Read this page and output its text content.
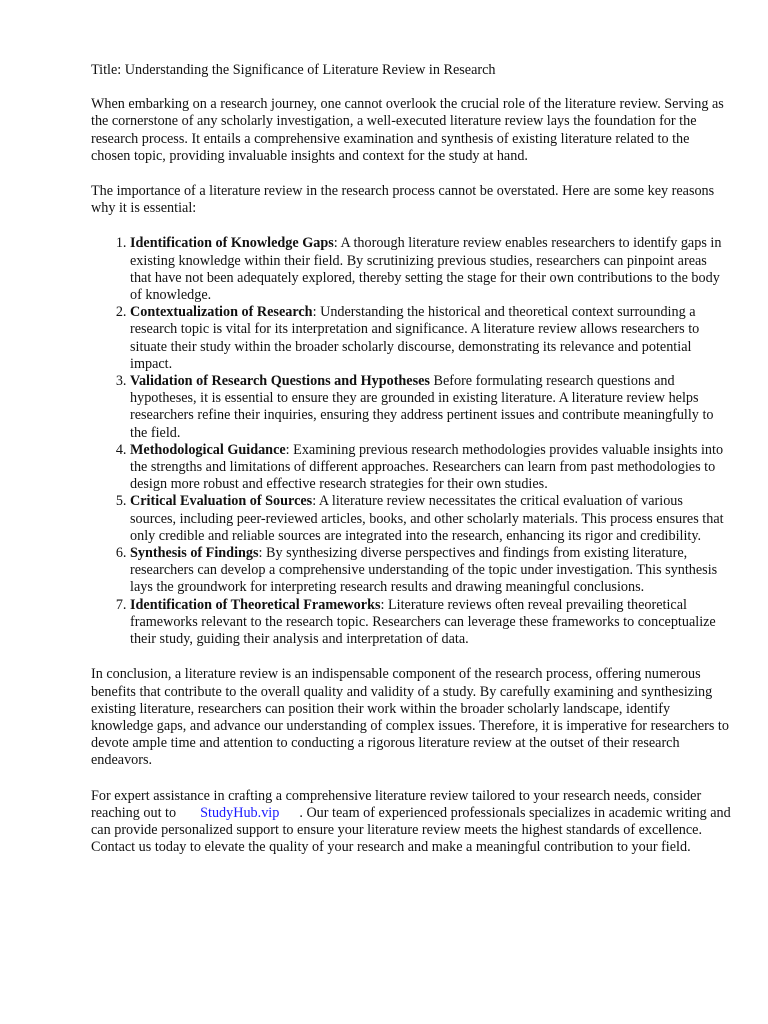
Title: Understanding the Significance of Literature Review in Research

When embarking on a research journey, one cannot overlook the crucial role of the literature review. Serving as the cornerstone of any scholarly investigation, a well-executed literature review lays the foundation for the research process. It entails a comprehensive examination and synthesis of existing literature related to the chosen topic, providing invaluable insights and context for the study at hand.

The importance of a literature review in the research process cannot be overstated. Here are some key reasons why it is essential:

1. Identification of Knowledge Gaps: A thorough literature review enables researchers to identify gaps in existing knowledge within their field. By scrutinizing previous studies, researchers can pinpoint areas that have not been adequately explored, thereby setting the stage for their own contributions to the body of knowledge.
2. Contextualization of Research: Understanding the historical and theoretical context surrounding a research topic is vital for its interpretation and significance. A literature review allows researchers to situate their study within the broader scholarly discourse, demonstrating its relevance and potential impact.
3. Validation of Research Questions and Hypotheses Before formulating research questions and hypotheses, it is essential to ensure they are grounded in existing literature. A literature review helps researchers refine their inquiries, ensuring they address pertinent issues and contribute meaningfully to the field.
4. Methodological Guidance: Examining previous research methodologies provides valuable insights into the strengths and limitations of different approaches. Researchers can learn from past methodologies to design more robust and effective research strategies for their own studies.
5. Critical Evaluation of Sources: A literature review necessitates the critical evaluation of various sources, including peer-reviewed articles, books, and other scholarly materials. This process ensures that only credible and reliable sources are integrated into the research, enhancing its rigor and credibility.
6. Synthesis of Findings: By synthesizing diverse perspectives and findings from existing literature, researchers can develop a comprehensive understanding of the topic under investigation. This synthesis lays the groundwork for interpreting research results and drawing meaningful conclusions.
7. Identification of Theoretical Frameworks: Literature reviews often reveal prevailing theoretical frameworks relevant to the research topic. Researchers can leverage these frameworks to conceptualize their study, guiding their analysis and interpretation of data.

In conclusion, a literature review is an indispensable component of the research process, offering numerous benefits that contribute to the overall quality and validity of a study. By carefully examining and synthesizing existing literature, researchers can position their work within the broader scholarly landscape, identify knowledge gaps, and advance our understanding of complex issues. Therefore, it is imperative for researchers to devote ample time and attention to conducting a rigorous literature review at the outset of their research endeavors.

For expert assistance in crafting a comprehensive literature review tailored to your research needs, consider reaching out to StudyHub.vip . Our team of experienced professionals specializes in academic writing and can provide personalized support to ensure your literature review meets the highest standards of excellence. Contact us today to elevate the quality of your research and make a meaningful contribution to your field.
